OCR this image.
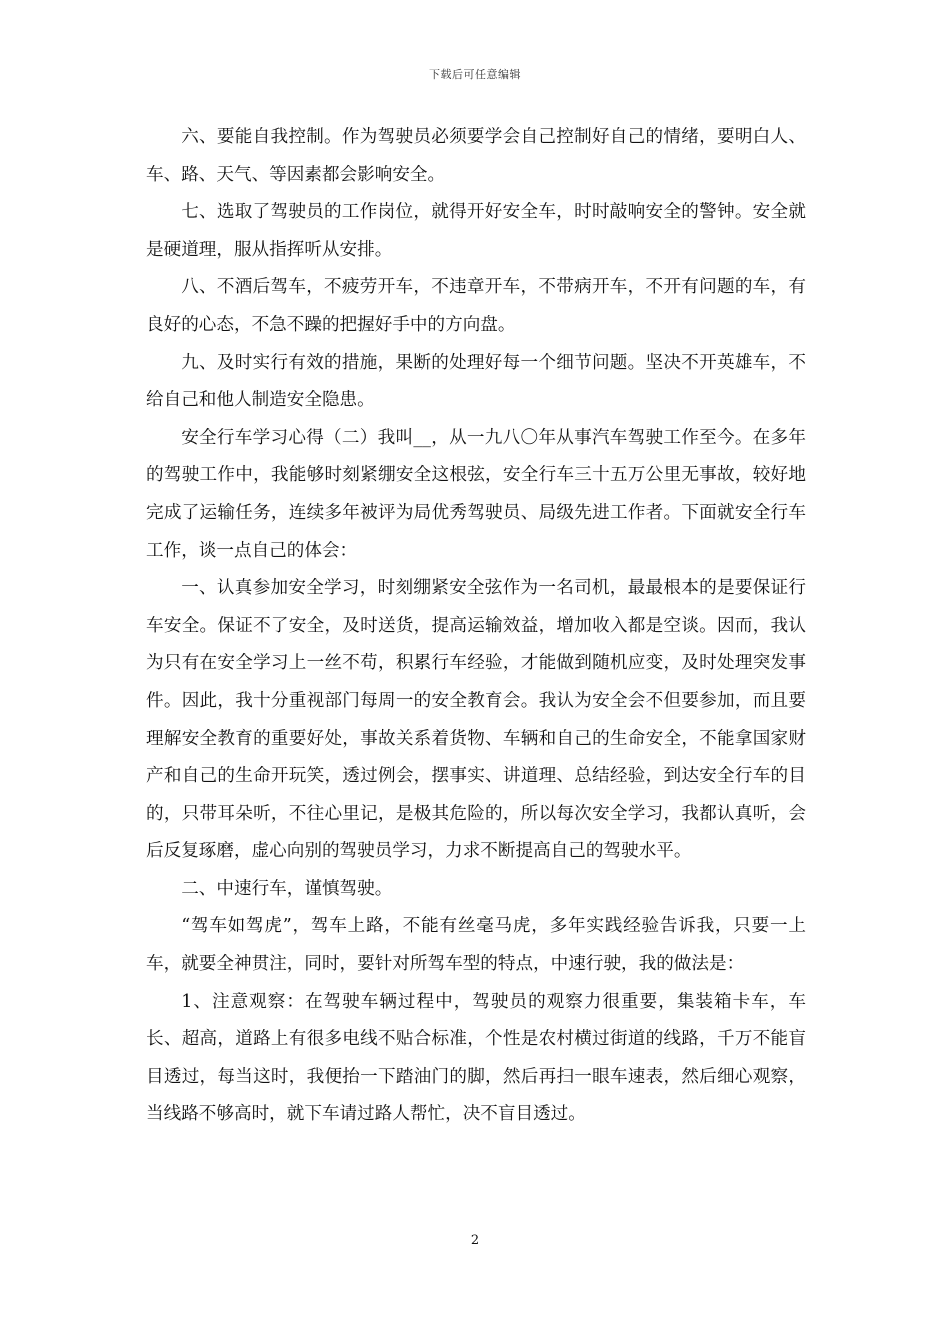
下载后可任意编辑

六、要能自我控制。作为驾驶员必须要学会自己控制好自己的情绪，要明白人、车、路、天气、等因素都会影响安全。

七、选取了驾驶员的工作岗位，就得开好安全车，时时敲响安全的警钟。安全就是硬道理，服从指挥听从安排。

八、不酒后驾车，不疲劳开车，不违章开车，不带病开车，不开有问题的车，有良好的心态，不急不躁的把握好手中的方向盘。

九、及时实行有效的措施，果断的处理好每一个细节问题。坚决不开英雄车，不给自己和他人制造安全隐患。

安全行车学习心得（二）我叫__，从一九八〇年从事汽车驾驶工作至今。在多年的驾驶工作中，我能够时刻紧绷安全这根弦，安全行车三十五万公里无事故，较好地完成了运输任务，连续多年被评为局优秀驾驶员、局级先进工作者。下面就安全行车工作，谈一点自己的体会：

一、认真参加安全学习，时刻绷紧安全弦作为一名司机，最最根本的是要保证行车安全。保证不了安全，及时送货，提高运输效益，增加收入都是空谈。因而，我认为只有在安全学习上一丝不苟，积累行车经验，才能做到随机应变，及时处理突发事件。因此，我十分重视部门每周一的安全教育会。我认为安全会不但要参加，而且要理解安全教育的重要好处，事故关系着货物、车辆和自己的生命安全，不能拿国家财产和自己的生命开玩笑，透过例会，摆事实、讲道理、总结经验，到达安全行车的目的，只带耳朵听，不往心里记，是极其危险的，所以每次安全学习，我都认真听，会后反复琢磨，虚心向别的驾驶员学习，力求不断提高自己的驾驶水平。

二、中速行车，谨慎驾驶。

“驾车如驾虎”，驾车上路，不能有丝毫马虎，多年实践经验告诉我，只要一上车，就要全神贯注，同时，要针对所驾车型的特点，中速行驶，我的做法是：

1、注意观察：在驾驶车辆过程中，驾驶员的观察力很重要，集装箱卡车，车长、超高，道路上有很多电线不贴合标准，个性是农村横过街道的线路，千万不能盲目透过，每当这时，我便抬一下踏油门的脚，然后再扫一眼车速表，然后细心观察，当线路不够高时，就下车请过路人帮忙，决不盲目透过。

2
